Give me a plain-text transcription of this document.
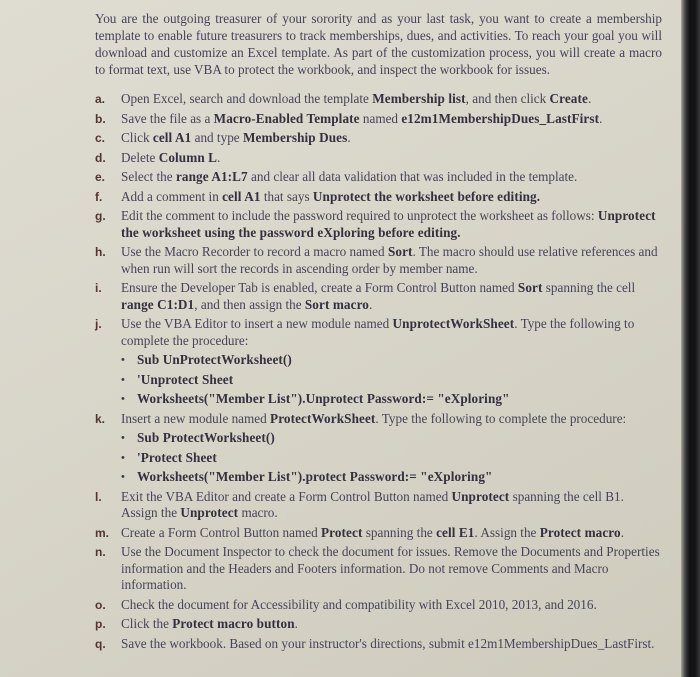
You are the outgoing treasurer of your sorority and as your last task, you want to create a membership template to enable future treasurers to track memberships, dues, and activities. To reach your goal you will download and customize an Excel template. As part of the customization process, you will create a macro to format text, use VBA to protect the workbook, and inspect the workbook for issues.

a.	Open Excel, search and download the template Membership list, and then click Create.
b.	Save the file as a Macro-Enabled Template named e12m1MembershipDues_LastFirst.
c.	Click cell A1 and type Membership Dues.
d.	Delete Column L.
e.	Select the range A1:L7 and clear all data validation that was included in the template.
f.	Add a comment in cell A1 that says Unprotect the worksheet before editing.
g.	Edit the comment to include the password required to unprotect the worksheet as follows: Unprotect the worksheet using the password eXploring before editing.
h.	Use the Macro Recorder to record a macro named Sort. The macro should use relative references and when run will sort the records in ascending order by member name.
i.	Ensure the Developer Tab is enabled, create a Form Control Button named Sort spanning the cell range C1:D1, and then assign the Sort macro.
j.	Use the VBA Editor to insert a new module named UnprotectWorkSheet. Type the following to complete the procedure:
• Sub UnProtectWorksheet()
• 'Unprotect Sheet
• Worksheets("Member List").Unprotect Password:= "eXploring"
k.	Insert a new module named ProtectWorkSheet. Type the following to complete the procedure:
• Sub ProtectWorksheet()
• 'Protect Sheet
• Worksheets("Member List").protect Password:= "eXploring"
l.	Exit the VBA Editor and create a Form Control Button named Unprotect spanning the cell B1. Assign the Unprotect macro.
m. Create a Form Control Button named Protect spanning the cell E1. Assign the Protect macro.
n.	Use the Document Inspector to check the document for issues. Remove the Documents and Properties information and the Headers and Footers information. Do not remove Comments and Macro information.
o.	Check the document for Accessibility and compatibility with Excel 2010, 2013, and 2016.
p.	Click the Protect macro button.
q.	Save the workbook. Based on your instructor's directions, submit e12m1MembershipDues_LastFirst.
